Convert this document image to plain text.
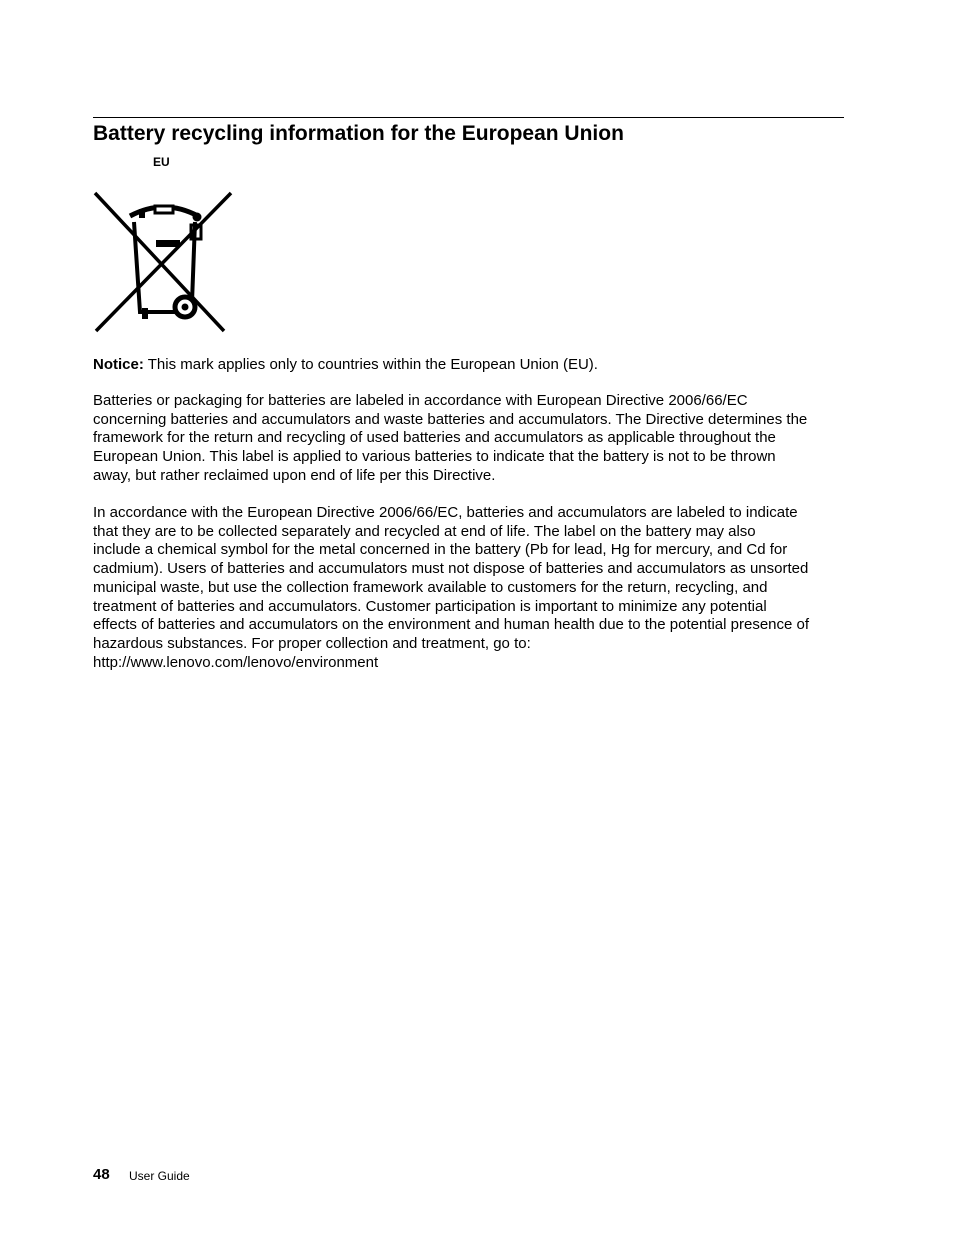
Battery recycling information for the European Union
EU

Notice: This mark applies only to countries within the European Union (EU).

Batteries or packaging for batteries are labeled in accordance with European Directive 2006/66/EC
concerning batteries and accumulators and waste batteries and accumulators. The Directive determines the
framework for the return and recycling of used batteries and accumulators as applicable throughout the
European Union. This label is applied to various batteries to indicate that the battery is not to be thrown
away, but rather reclaimed upon end of life per this Directive.

In accordance with the European Directive 2006/66/EC, batteries and accumulators are labeled to indicate
that they are to be collected separately and recycled at end of life. The label on the battery may also
include a chemical symbol for the metal concerned in the battery (Pb for lead, Hg for mercury, and Cd for
cadmium). Users of batteries and accumulators must not dispose of batteries and accumulators as unsorted
municipal waste, but use the collection framework available to customers for the return, recycling, and
treatment of batteries and accumulators. Customer participation is important to minimize any potential
effects of batteries and accumulators on the environment and human health due to the potential presence of
hazardous substances. For proper collection and treatment, go to:
http://www.lenovo.com/lenovo/environment

48 User Guide
